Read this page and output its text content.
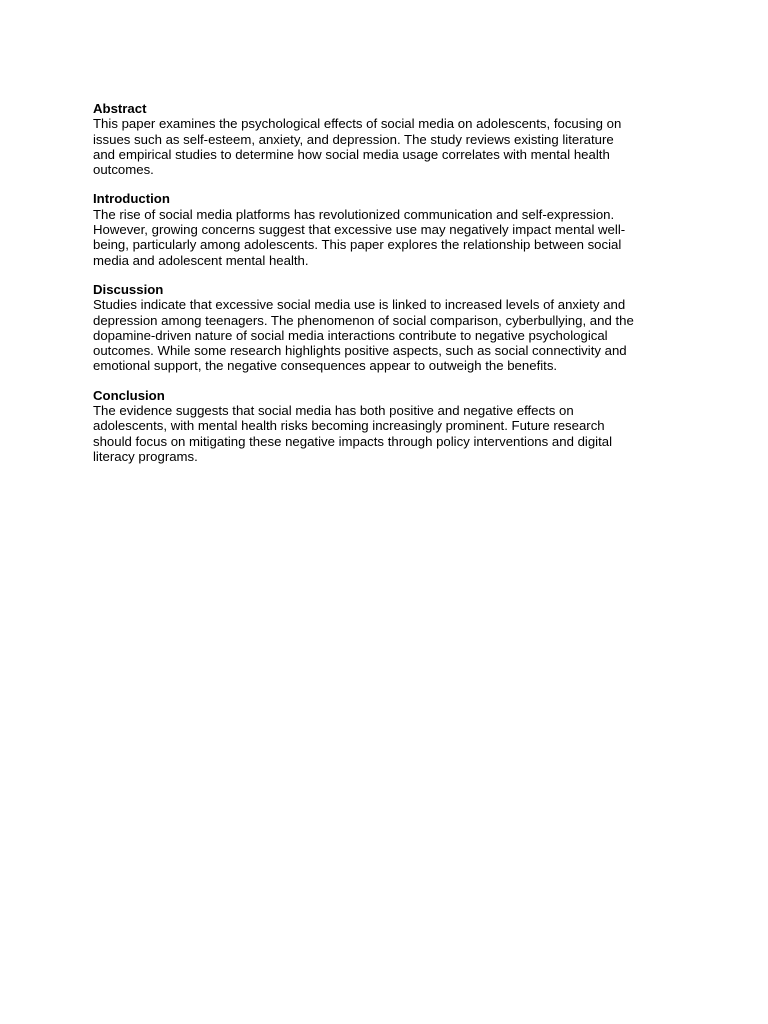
Abstract

This paper examines the psychological effects of social media on adolescents, focusing on
issues such as self-esteem, anxiety, and depression. The study reviews existing literature
and empirical studies to determine how social media usage correlates with mental health
outcomes.

Introduction

The rise of social media platforms has revolutionized communication and self-expression.
However, growing concerns suggest that excessive use may negatively impact mental well-
being, particularly among adolescents. This paper explores the relationship between social
media and adolescent mental health.

Discussion

Studies indicate that excessive social media use is linked to increased levels of anxiety and
depression among teenagers. The phenomenon of social comparison, cyberbullying, and the
dopamine-driven nature of social media interactions contribute to negative psychological
outcomes. While some research highlights positive aspects, such as social connectivity and
emotional support, the negative consequences appear to outweigh the benefits.

Conclusion

The evidence suggests that social media has both positive and negative effects on
adolescents, with mental health risks becoming increasingly prominent. Future research
should focus on mitigating these negative impacts through policy interventions and digital
literacy programs.
